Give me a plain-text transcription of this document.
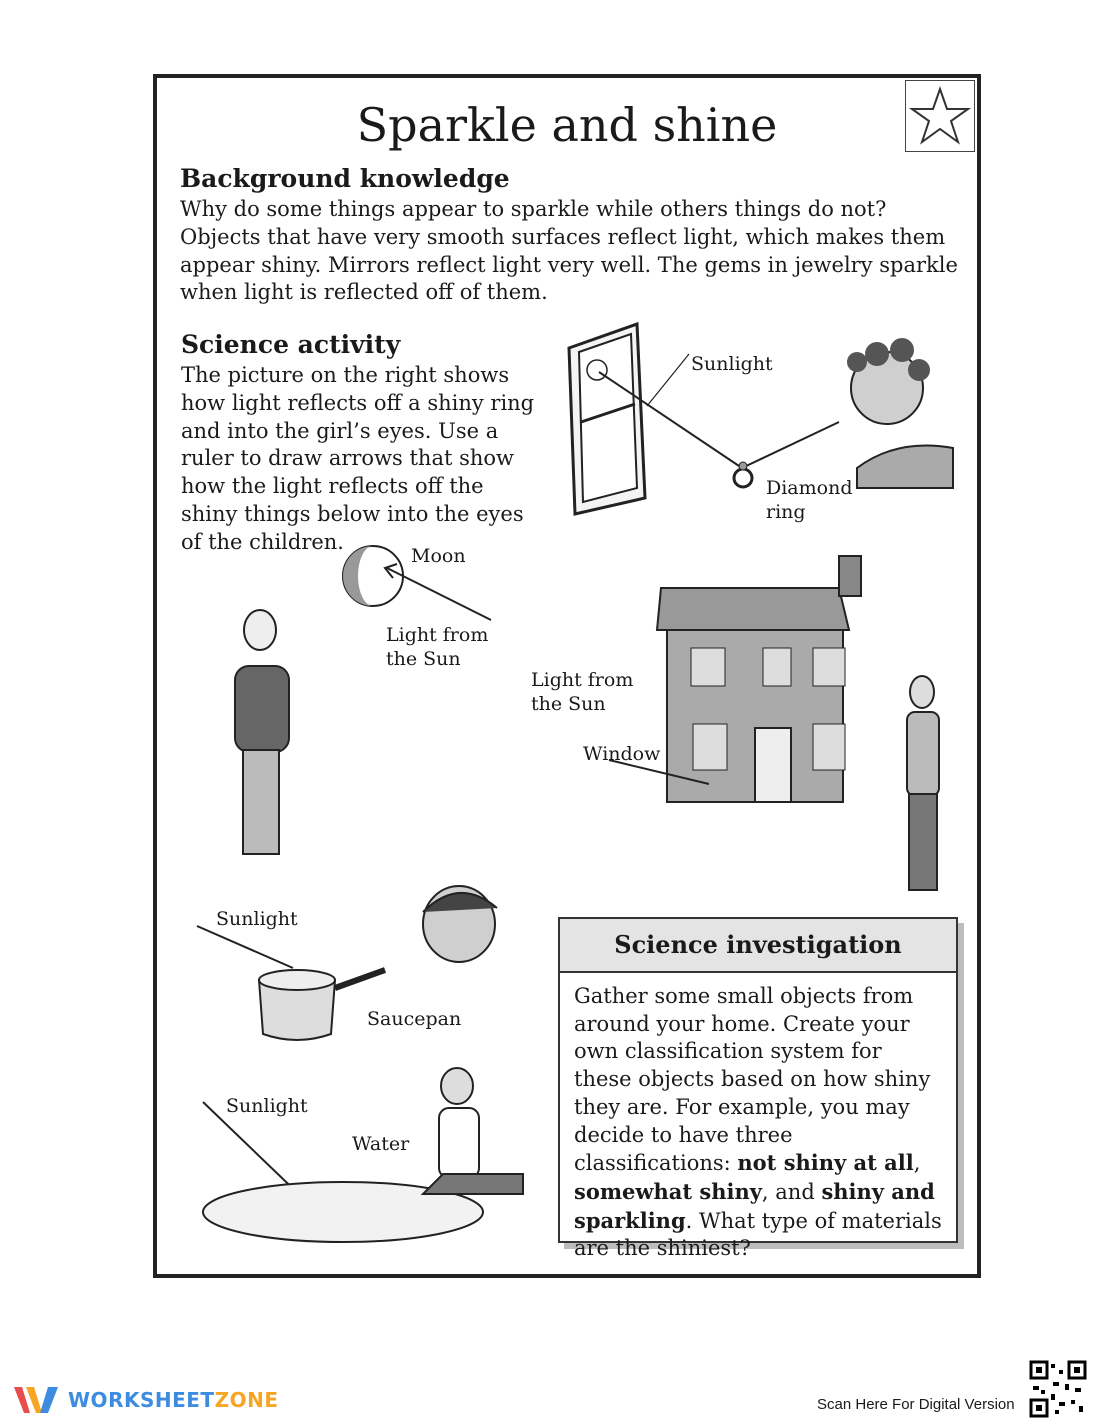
Sparkle and shine
Background knowledge

Why do some things appear to sparkle while others things do not? Objects that have very smooth surfaces reflect light, which makes them appear shiny. Mirrors reflect light very well. The gems in jewelry sparkle when light is reflected off of them.

Science activity

The picture on the right shows how light reflects off a shiny ring and into the girl’s eyes. Use a ruler to draw arrows that show how the light reflects off the shiny things below into the eyes of the children.

Sunlight
Diamond
ring
Moon
Light from
the Sun
Light from
the Sun
Window
Sunlight
Saucepan
Sunlight
Water
Science investigation
Gather some small objects from around your home. Create your own classification system for these objects based on how shiny they are. For example, you may decide to have three classifications: not shiny at all, somewhat shiny, and shiny and sparkling. What type of materials are the shiniest?
WORKSHEETZONE	Scan Here For Digital Version
